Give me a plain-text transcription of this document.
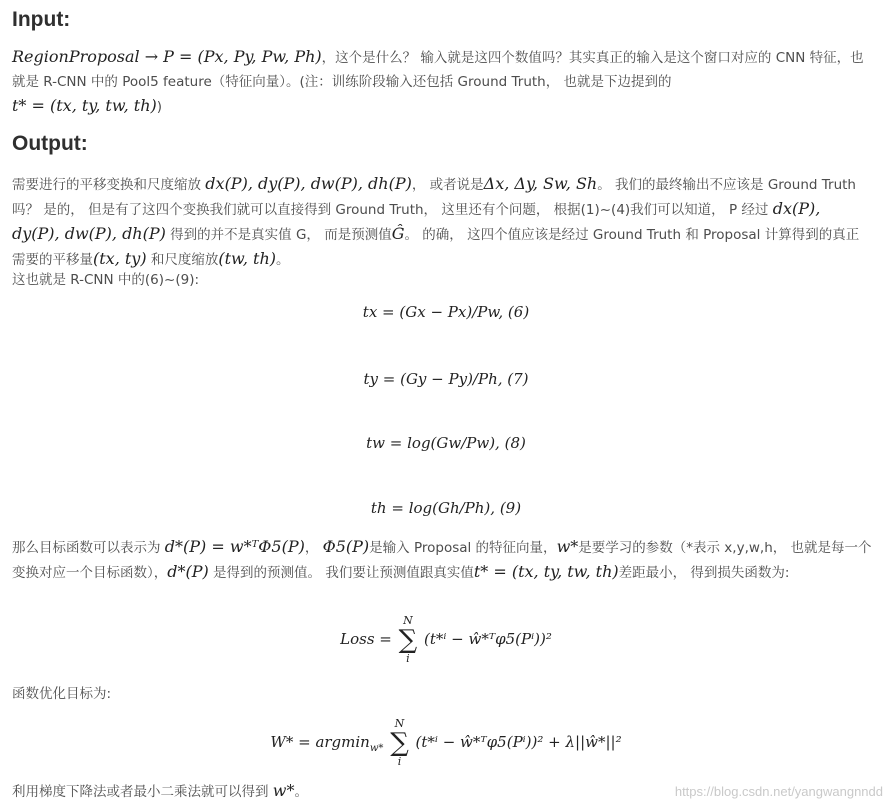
Input:
RegionProposal → P = (Px, Py, Pw, Ph)，这个是什么？ 输入就是这四个数值吗？其实真正的输入是这个窗口对应的 CNN 特征，也就是 R-CNN 中的 Pool5 feature（特征向量）。(注：训练阶段输入还包括 Ground Truth， 也就是下边提到的
t* = (tx, ty, tw, th))
Output:
需要进行的平移变换和尺度缩放 dx(P), dy(P), dw(P), dh(P)， 或者说是Δx, Δy, Sw, Sh。 我们的最终输出不应该是 Ground Truth 吗？ 是的， 但是有了这四个变换我们就可以直接得到 Ground Truth， 这里还有个问题， 根据(1)~(4)我们可以知道， P 经过 dx(P), dy(P), dw(P), dh(P) 得到的并不是真实值 G， 而是预测值Ĝ。 的确， 这四个值应该是经过 Ground Truth 和 Proposal 计算得到的真正需要的平移量(tx, ty) 和尺度缩放(tw, th)。
这也就是 R-CNN 中的(6)~(9):
tx = (Gx − Px)/Pw, (6)
ty = (Gy − Py)/Ph, (7)
tw = log(Gw/Pw), (8)
th = log(Gh/Ph), (9)
那么目标函数可以表示为 d*(P) = w*ᵀΦ5(P)， Φ5(P)是输入 Proposal 的特征向量，w*是要学习的参数（*表示 x,y,w,h， 也就是每一个变换对应一个目标函数），d*(P) 是得到的预测值。 我们要让预测值跟真实值t* = (tx, ty, tw, th)差距最小， 得到损失函数为:
Loss =
N
∑
i
(t*ⁱ − ŵ*ᵀφ5(Pⁱ))²
函数优化目标为:
W* = argmin$_{w*}$
N
∑
i
(t*ⁱ − ŵ*ᵀφ5(Pⁱ))² + λ||ŵ*||²
利用梯度下降法或者最小二乘法就可以得到 w*。	https://blog.csdn.net/yangwangnndd
